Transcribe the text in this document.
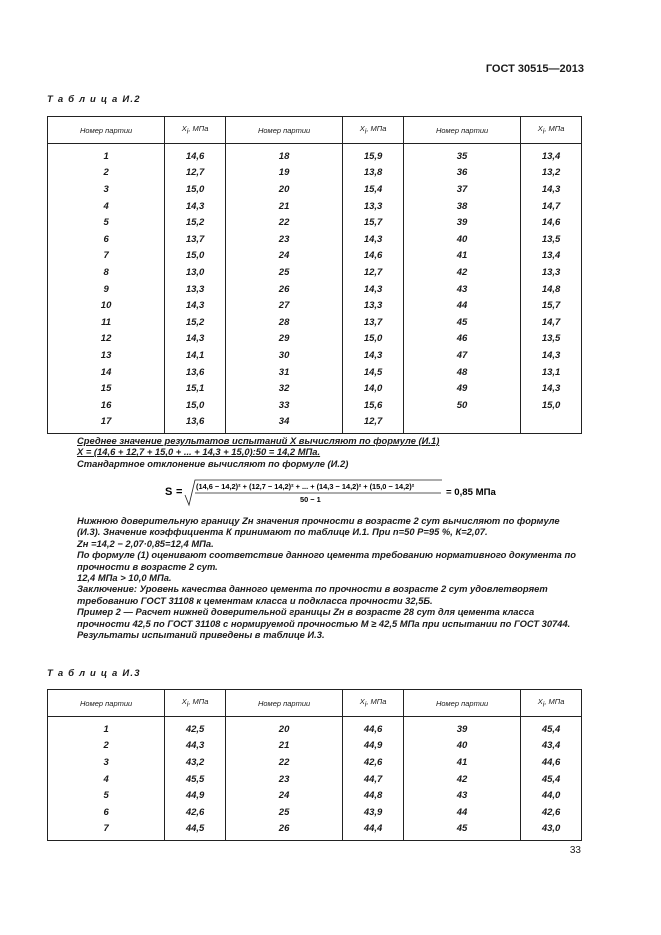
ГОСТ 30515—2013
Т а б л и ц а И.2
Номер партии	$X_i$, МПа	Номер партии	$X_i$, МПа	Номер партии	$X_i$, МПа
1	14,6	18	15,9	35	13,4
2	12,7	19	13,8	36	13,2
3	15,0	20	15,4	37	14,3
4	14,3	21	13,3	38	14,7
5	15,2	22	15,7	39	14,6
6	13,7	23	14,3	40	13,5
7	15,0	24	14,6	41	13,4
8	13,0	25	12,7	42	13,3
9	13,3	26	14,3	43	14,8
10	14,3	27	13,3	44	15,7
11	15,2	28	13,7	45	14,7
12	14,3	29	15,0	46	13,5
13	14,1	30	14,3	47	14,3
14	13,6	31	14,5	48	13,1
15	15,1	32	14,0	49	14,3
16	15,0	33	15,6	50	15,0
17	13,6	34	12,7		

Среднее значение результатов испытаний X вычисляют по формуле (И.1)

X = (14,6 + 12,7 + 15,0 + ... + 14,3 + 15,0):50 = 14,2 МПа.

Стандартное отклонение вычисляют по формуле (И.2)

S = (14,6 − 14,2)² + (12,7 − 14,2)² + ... + (14,3 − 14,2)² + (15,0 − 14,2)²
50 − 1
= 0,85 МПа

Нижнюю доверительную границу Zн значения прочности в возрасте 2 сут вычисляют по формуле (И.3). Значение коэффициента К принимают по таблице И.1. При n=50 Р=95 %, К=2,07.

Zн =14,2 − 2,07·0,85=12,4 МПа.

По формуле (1) оценивают соответствие данного цемента требованию нормативного документа по прочности в возрасте 2 сут.

12,4 МПа > 10,0 МПа.

Заключение: Уровень качества данного цемента по прочности в возрасте 2 сут удовлетворяет требованию ГОСТ 31108 к цементам класса и подкласса прочности 32,5Б.

Пример 2 — Расчет нижней доверительной границы Zн в возрасте 28 сут для цемента класса прочности 42,5 по ГОСТ 31108 с нормируемой прочностью М ≥ 42,5 МПа при испытании по ГОСТ 30744.

Результаты испытаний приведены в таблице И.3.

Т а б л и ц а И.3
Номер партии	$X_i$, МПа	Номер партии	$X_i$, МПа	Номер партии	$X_i$, МПа
1	42,5	20	44,6	39	45,4
2	44,3	21	44,9	40	43,4
3	43,2	22	42,6	41	44,6
4	45,5	23	44,7	42	45,4
5	44,9	24	44,8	43	44,0
6	42,6	25	43,9	44	42,6
7	44,5	26	44,4	45	43,0
33
